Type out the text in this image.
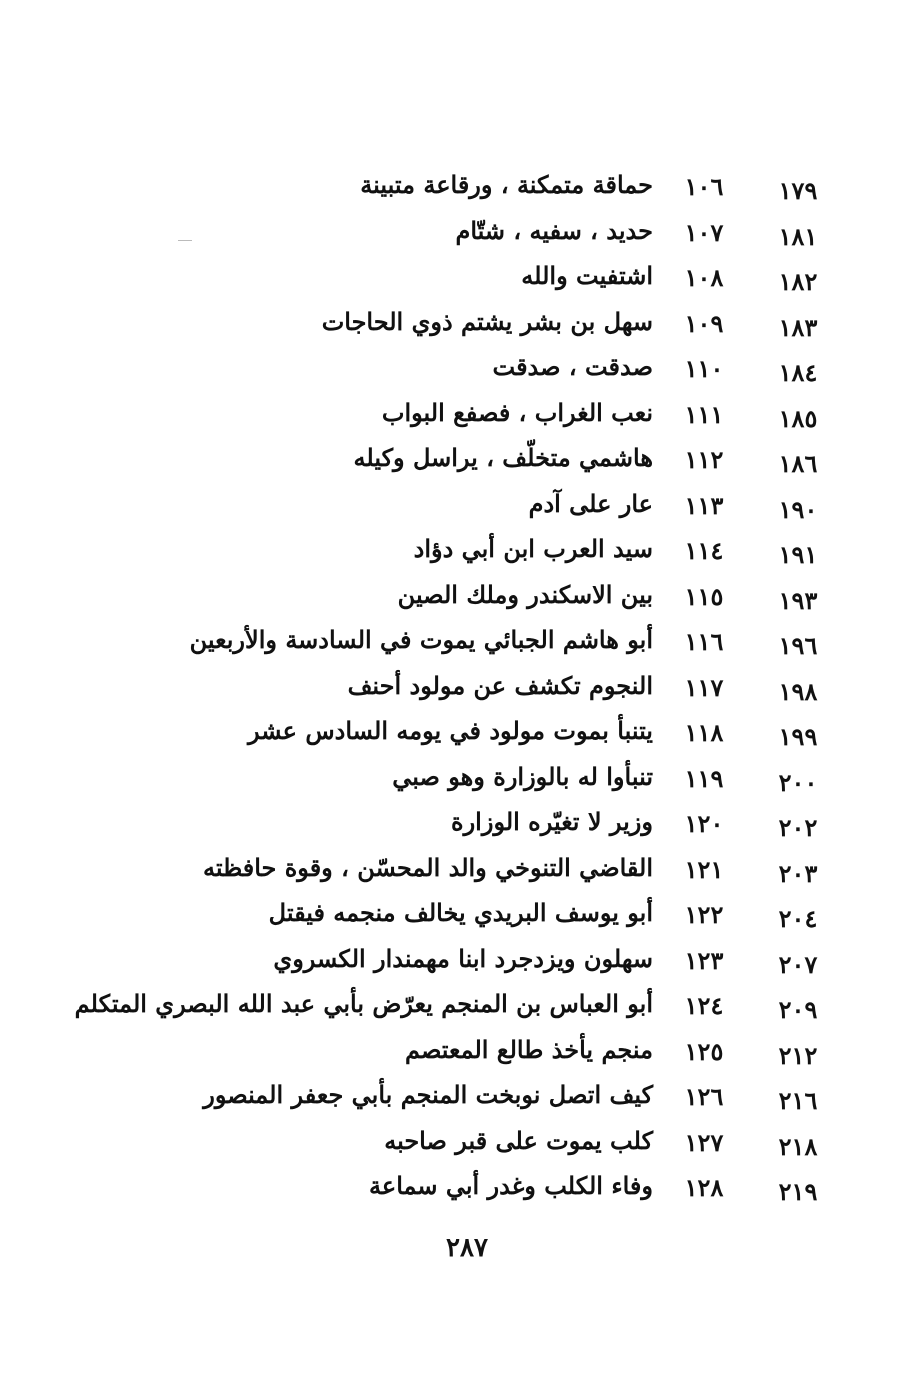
١٧٩
١٠٦
حماقة متمكنة ، ورقاعة متبينة
١٨١
١٠٧
حديد ، سفيه ، شتّام
١٨٢
١٠٨
اشتفيت والله
١٨٣
١٠٩
سهل بن بشر يشتم ذوي الحاجات
١٨٤
١١٠
صدقت ، صدقت
١٨٥
١١١
نعب الغراب ، فصفع البواب
١٨٦
١١٢
هاشمي متخلّف ، يراسل وكيله
١٩٠
١١٣
عار على آدم
١٩١
١١٤
سيد العرب ابن أبي دؤاد
١٩٣
١١٥
بين الاسكندر وملك الصين
١٩٦
١١٦
أبو هاشم الجبائي يموت في السادسة والأربعين
١٩٨
١١٧
النجوم تكشف عن مولود أحنف
١٩٩
١١٨
يتنبأ بموت مولود في يومه السادس عشر
٢٠٠
١١٩
تنبأوا له بالوزارة وهو صبي
٢٠٢
١٢٠
وزير لا تغيّره الوزارة
٢٠٣
١٢١
القاضي التنوخي والد المحسّن ، وقوة حافظته
٢٠٤
١٢٢
أبو يوسف البريدي يخالف منجمه فيقتل
٢٠٧
١٢٣
سهلون ويزدجرد ابنا مهمندار الكسروي
٢٠٩
١٢٤
أبو العباس بن المنجم يعرّض بأبي عبد الله البصري المتكلم
٢١٢
١٢٥
منجم يأخذ طالع المعتصم
٢١٦
١٢٦
كيف اتصل نوبخت المنجم بأبي جعفر المنصور
٢١٨
١٢٧
كلب يموت على قبر صاحبه
٢١٩
١٢٨
وفاء الكلب وغدر أبي سماعة
٢٨٧
